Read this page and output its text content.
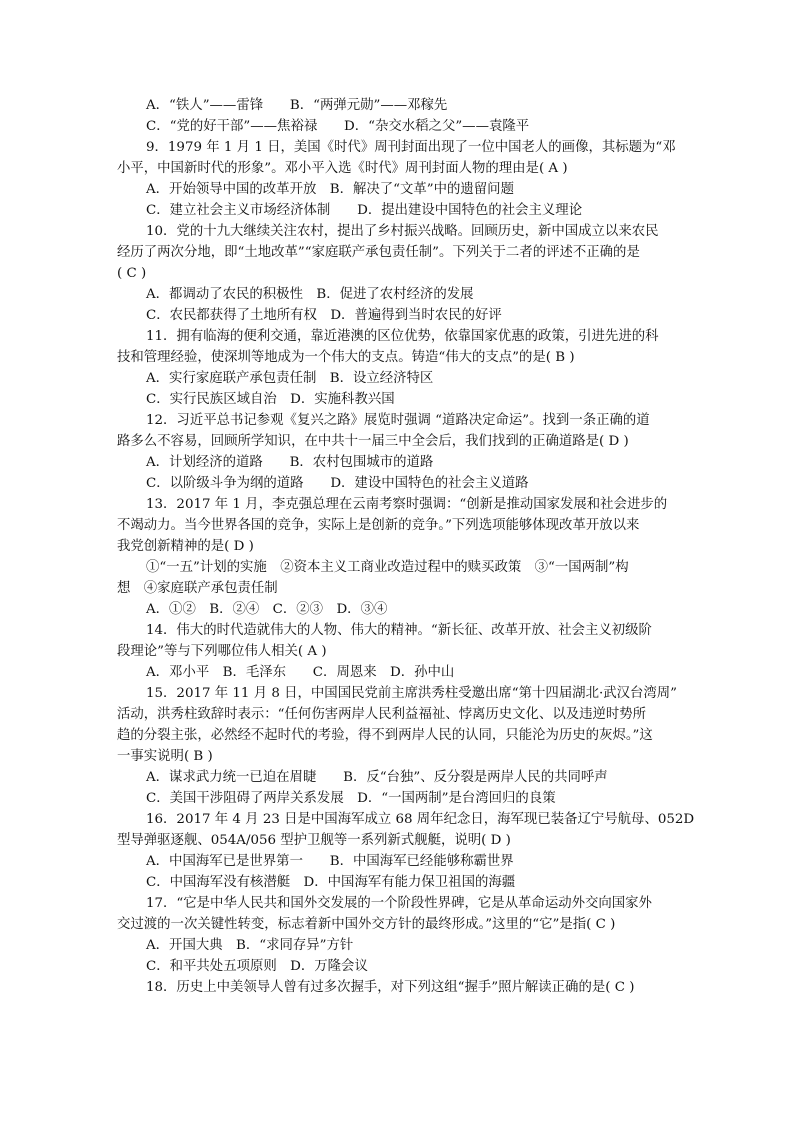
A．“铁人”——雷锋　　B．“两弹元勋”——邓稼先
C．“党的好干部”——焦裕禄　　D．“杂交水稻之父”——袁隆平
9．1979 年 1 月 1 日，美国《时代》周刊封面出现了一位中国老人的画像，其标题为“邓
小平，中国新时代的形象”。邓小平入选《时代》周刊封面人物的理由是( A )
A．开始领导中国的改革开放　B．解决了“文革”中的遗留问题
C．建立社会主义市场经济体制　　D．提出建设中国特色的社会主义理论
10．党的十九大继续关注农村，提出了乡村振兴战略。回顾历史，新中国成立以来农民
经历了两次分地，即“土地改革”“家庭联产承包责任制”。下列关于二者的评述不正确的是
( C )
A．都调动了农民的积极性　B．促进了农村经济的发展
C．农民都获得了土地所有权　D．普遍得到当时农民的好评
11．拥有临海的便利交通，靠近港澳的区位优势，依靠国家优惠的政策，引进先进的科
技和管理经验，使深圳等地成为一个伟大的支点。铸造“伟大的支点”的是( B )
A．实行家庭联产承包责任制　B．设立经济特区
C．实行民族区域自治　D．实施科教兴国
12．习近平总书记参观《复兴之路》展览时强调 “道路决定命运”。找到一条正确的道
路多么不容易，回顾所学知识，在中共十一届三中全会后，我们找到的正确道路是( D )
A．计划经济的道路　　B．农村包围城市的道路
C．以阶级斗争为纲的道路　　D．建设中国特色的社会主义道路
13．2017 年 1 月，李克强总理在云南考察时强调：“创新是推动国家发展和社会进步的
不竭动力。当今世界各国的竞争，实际上是创新的竞争。”下列选项能够体现改革开放以来
我党创新精神的是( D )
①“一五”计划的实施　②资本主义工商业改造过程中的赎买政策　③“一国两制”构
想　④家庭联产承包责任制
A．①②　B．②④　C．②③　D．③④
14．伟大的时代造就伟大的人物、伟大的精神。“新长征、改革开放、社会主义初级阶
段理论”等与下列哪位伟人相关( A )
A．邓小平　B．毛泽东　　C．周恩来　D．孙中山
15．2017 年 11 月 8 日，中国国民党前主席洪秀柱受邀出席“第十四届湖北·武汉台湾周”
活动，洪秀柱致辞时表示：“任何伤害两岸人民利益福祉、悖离历史文化、以及违逆时势所
趋的分裂主张，必然经不起时代的考验，得不到两岸人民的认同，只能沦为历史的灰烬。”这
一事实说明( B )
A．谋求武力统一已迫在眉睫　　B．反“台独”、反分裂是两岸人民的共同呼声
C．美国干涉阻碍了两岸关系发展　D．“一国两制”是台湾回归的良策
16．2017 年 4 月 23 日是中国海军成立 68 周年纪念日，海军现已装备辽宁号航母、052D
型导弹驱逐舰、054A/056 型护卫舰等一系列新式舰艇，说明( D )
A．中国海军已是世界第一　　B．中国海军已经能够称霸世界
C．中国海军没有核潜艇　D．中国海军有能力保卫祖国的海疆
17．“它是中华人民共和国外交发展的一个阶段性界碑，它是从革命运动外交向国家外
交过渡的一次关键性转变，标志着新中国外交方针的最终形成。”这里的“它”是指( C )
A．开国大典　B．“求同存异”方针
C．和平共处五项原则　D．万隆会议
18．历史上中美领导人曾有过多次握手，对下列这组“握手”照片解读正确的是( C )
